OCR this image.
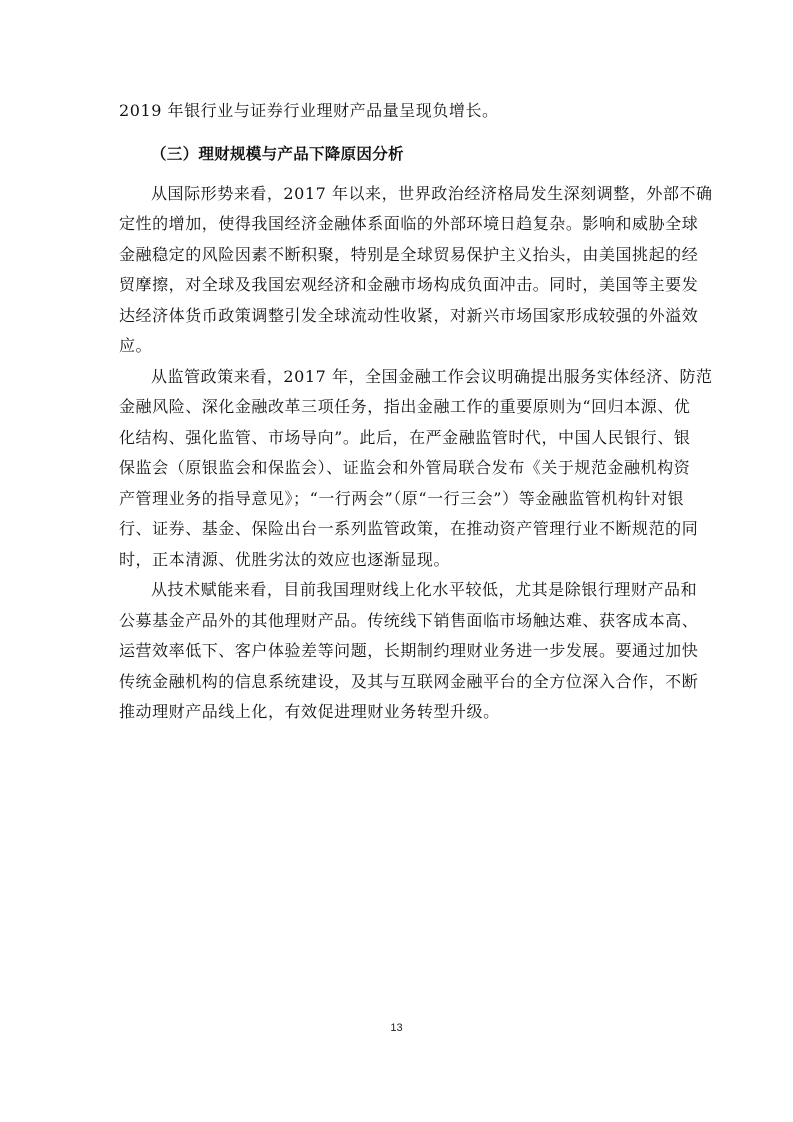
2019 年银行业与证券行业理财产品量呈现负增长。
（三）理财规模与产品下降原因分析
从国际形势来看，2017 年以来，世界政治经济格局发生深刻调整，外部不确
定性的增加，使得我国经济金融体系面临的外部环境日趋复杂。影响和威胁全球
金融稳定的风险因素不断积聚，特别是全球贸易保护主义抬头，由美国挑起的经
贸摩擦，对全球及我国宏观经济和金融市场构成负面冲击。同时，美国等主要发
达经济体货币政策调整引发全球流动性收紧，对新兴市场国家形成较强的外溢效
应。
从监管政策来看，2017 年，全国金融工作会议明确提出服务实体经济、防范
金融风险、深化金融改革三项任务，指出金融工作的重要原则为“回归本源、优
化结构、强化监管、市场导向”。此后，在严金融监管时代，中国人民银行、银
保监会（原银监会和保监会）、证监会和外管局联合发布《关于规范金融机构资
产管理业务的指导意见》；“一行两会”（原“一行三会”）等金融监管机构针对银
行、证券、基金、保险出台一系列监管政策，在推动资产管理行业不断规范的同
时，正本清源、优胜劣汰的效应也逐渐显现。
从技术赋能来看，目前我国理财线上化水平较低，尤其是除银行理财产品和
公募基金产品外的其他理财产品。传统线下销售面临市场触达难、获客成本高、
运营效率低下、客户体验差等问题，长期制约理财业务进一步发展。要通过加快
传统金融机构的信息系统建设，及其与互联网金融平台的全方位深入合作，不断
推动理财产品线上化，有效促进理财业务转型升级。
13
